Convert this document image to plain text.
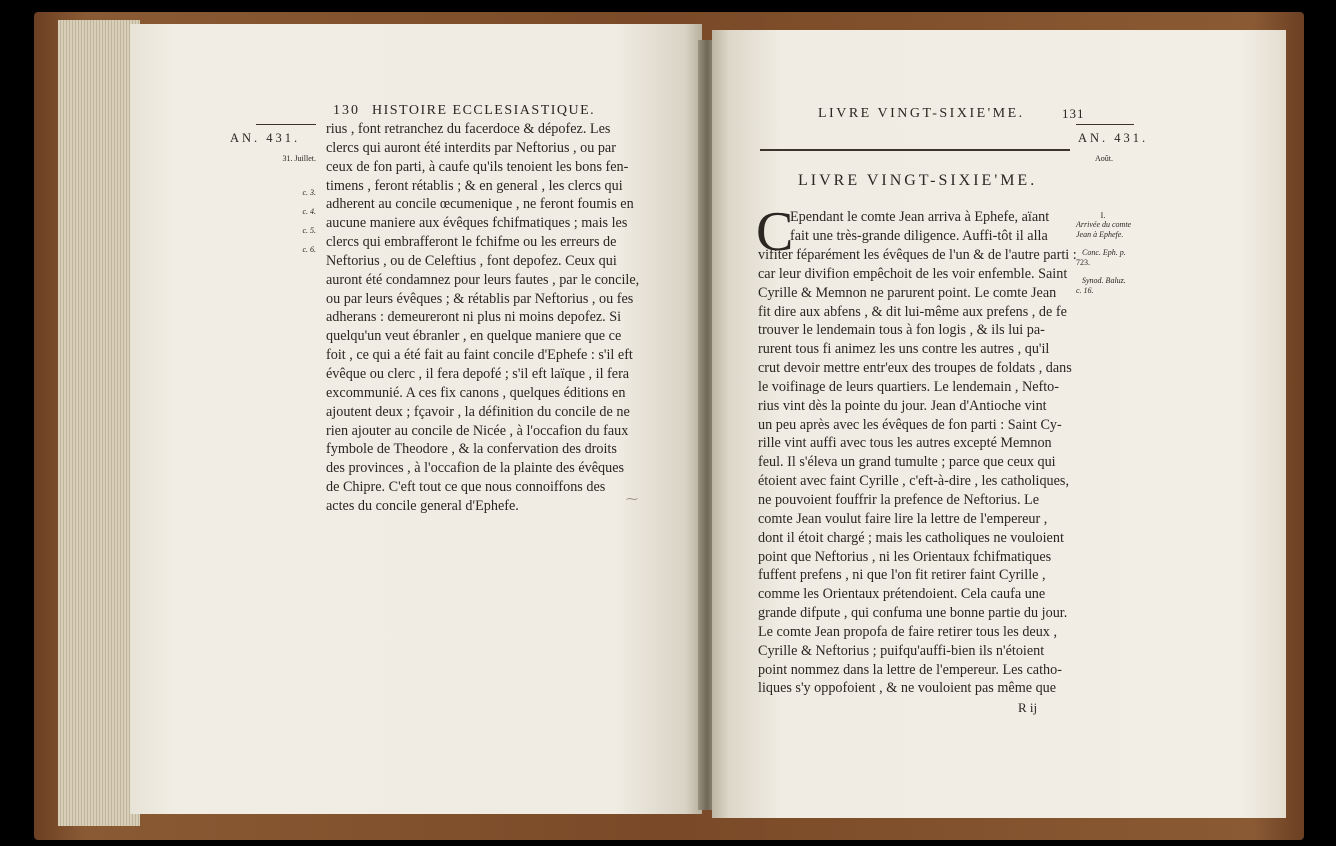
130 HISTOIRE ECCLESIASTIQUE.
AN. 431.
31. Juillet.
c. 3.
c. 4.
c. 5.
c. 6.
rius , font retranchez du facerdoce & dépofez. Les
clercs qui auront été interdits par Neftorius , ou par
ceux de fon parti, à caufe qu'ils tenoient les bons fen-
timens , feront rétablis ; & en general , les clercs qui
adherent au concile œcumenique , ne feront foumis en
aucune maniere aux évêques fchifmatiques ; mais les
clercs qui embrafferont le fchifme ou les erreurs de
Neftorius , ou de Celeftius , font depofez. Ceux qui
auront été condamnez pour leurs fautes , par le concile,
ou par leurs évêques ; & rétablis par Neftorius , ou fes
adherans : demeureront ni plus ni moins depofez. Si
quelqu'un veut ébranler , en quelque maniere que ce
foit , ce qui a été fait au faint concile d'Ephefe : s'il eft
évêque ou clerc , il fera depofé ; s'il eft laïque , il fera
excommunié. A ces fix canons , quelques éditions en
ajoutent deux ; fçavoir , la définition du concile de ne
rien ajouter au concile de Nicée , à l'occafion du faux
fymbole de Theodore , & la confervation des droits
des provinces , à l'occafion de la plainte des évêques
de Chipre. C'eft tout ce que nous connoiffons des
actes du concile general d'Ephefe.	⁓
LIVRE VINGT-SIXIE'ME.	131
AN. 431.
Août.
LIVRE VINGT-SIXIE'ME.
I.
Arrivée du comte
Jean à Ephefe.
Conc. Eph. p.
723.
Synod. Baluz.
c. 16.
C
Ependant le comte Jean arriva à Ephefe, aïant
fait une très-grande diligence. Auffi-tôt il alla
vifiter féparément les évêques de l'un & de l'autre parti :
car leur divifion empêchoit de les voir enfemble. Saint
Cyrille & Memnon ne parurent point. Le comte Jean
fit dire aux abfens , & dit lui-même aux prefens , de fe
trouver le lendemain tous à fon logis , & ils lui pa-
rurent tous fi animez les uns contre les autres , qu'il
crut devoir mettre entr'eux des troupes de foldats , dans
le voifinage de leurs quartiers. Le lendemain , Nefto-
rius vint dès la pointe du jour. Jean d'Antioche vint
un peu après avec les évêques de fon parti : Saint Cy-
rille vint auffi avec tous les autres excepté Memnon
feul. Il s'éleva un grand tumulte ; parce que ceux qui
étoient avec faint Cyrille , c'eft-à-dire , les catholiques,
ne pouvoient fouffrir la prefence de Neftorius. Le
comte Jean voulut faire lire la lettre de l'empereur ,
dont il étoit chargé ; mais les catholiques ne vouloient
point que Neftorius , ni les Orientaux fchifmatiques
fuffent prefens , ni que l'on fit retirer faint Cyrille ,
comme les Orientaux prétendoient. Cela caufa une
grande difpute , qui confuma une bonne partie du jour.
Le comte Jean propofa de faire retirer tous les deux ,
Cyrille & Neftorius ; puifqu'auffi-bien ils n'étoient
point nommez dans la lettre de l'empereur. Les catho-
liques s'y oppofoient , & ne vouloient pas même que
R ij
